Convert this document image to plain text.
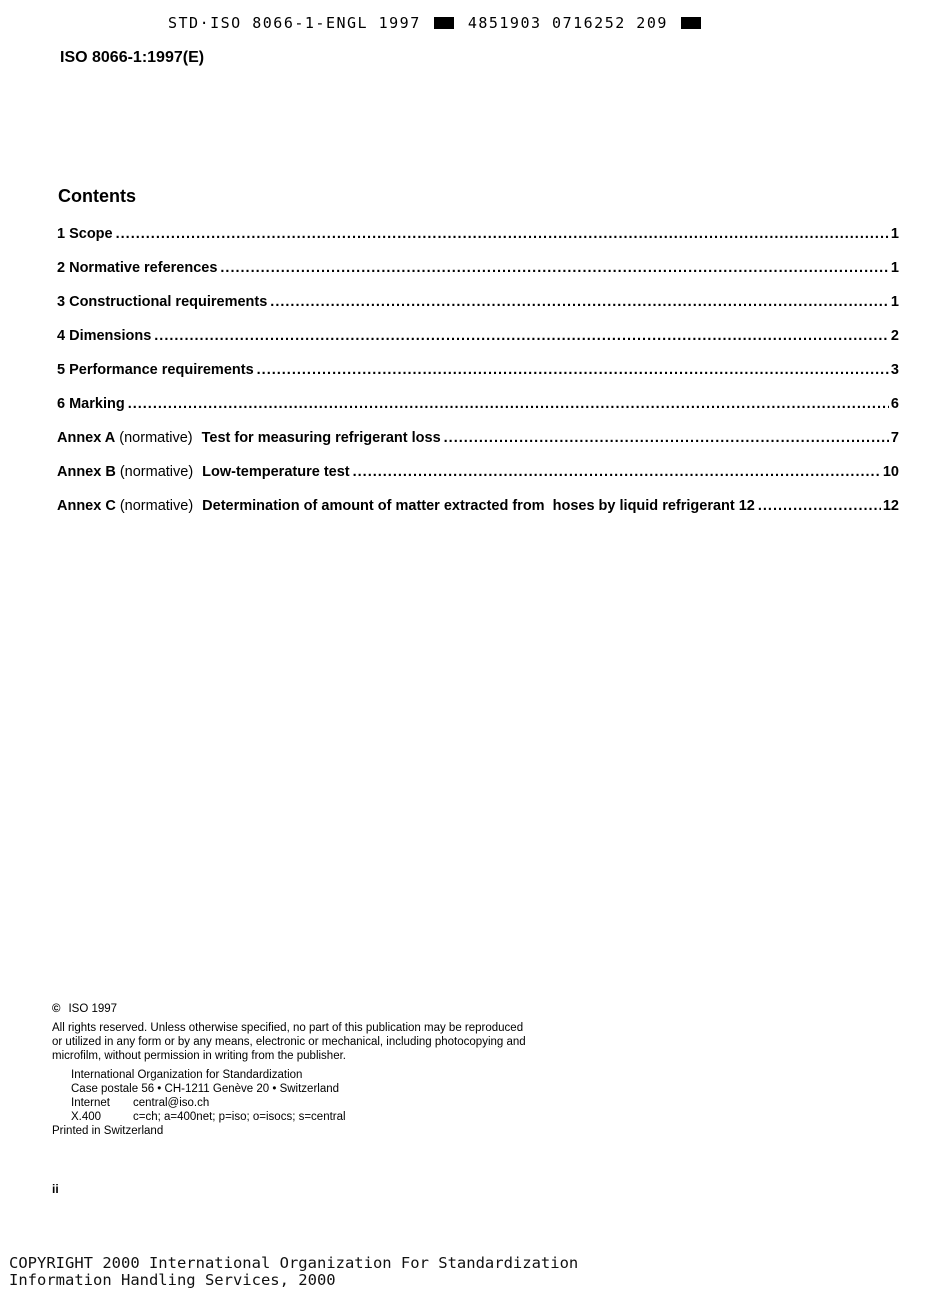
STD·ISO 8066-1-ENGL 1997	4851903 0716252 209
ISO 8066-1:1997(E)
Contents
1 Scope .....	1
2 Normative references .....	1
3 Constructional requirements .....	1
4 Dimensions .....	2
5 Performance requirements .....	3
6 Marking .....	6
Annex A (normative) Test for measuring refrigerant loss .....	7
Annex B (normative) Low-temperature test .....	10
Annex C (normative) Determination of amount of matter extracted from  hoses by liquid refrigerant 12 .....	12
© ISO 1997
All rights reserved. Unless otherwise specified, no part of this publication may be reproduced
or utilized in any form or by any means, electronic or mechanical, including photocopying and
microfilm, without permission in writing from the publisher.
International Organization for Standardization
Case postale 56 • CH-1211 Genève 20 • Switzerland
Internet central@iso.ch
X.400	c=ch; a=400net; p=iso; o=isocs; s=central
Printed in Switzerland
ii
COPYRIGHT 2000 International Organization For Standardization
Information Handling Services, 2000
